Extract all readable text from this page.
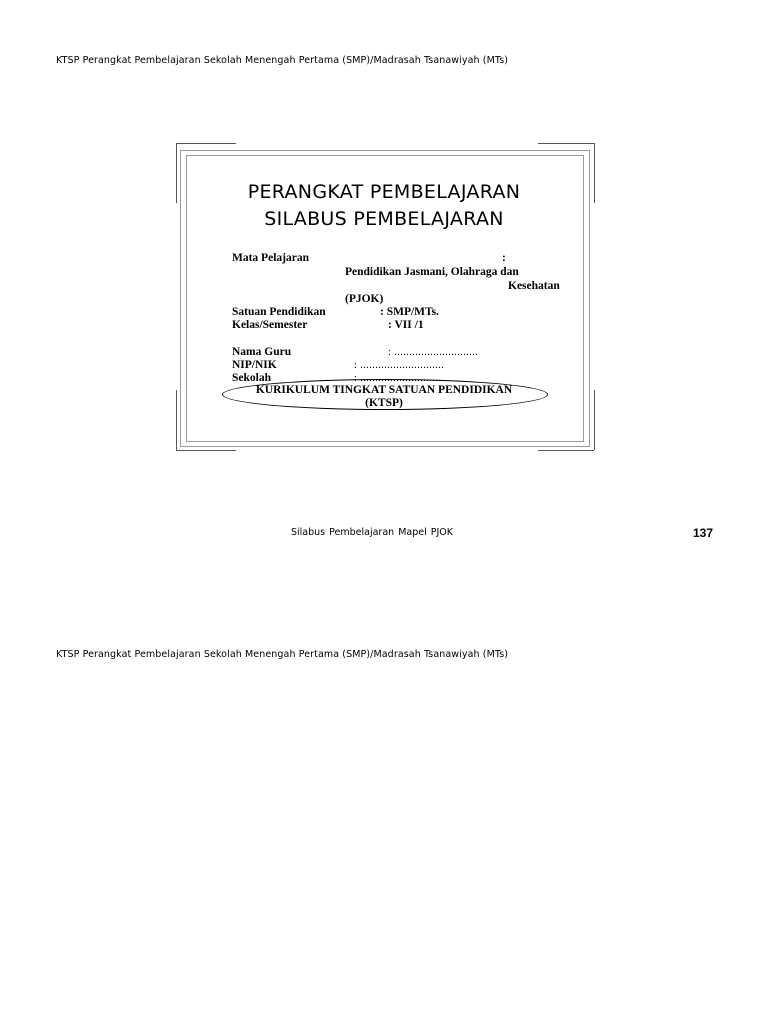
KTSP Perangkat Pembelajaran Sekolah Menengah Pertama (SMP)/Madrasah Tsanawiyah (MTs)
PERANGKAT PEMBELAJARAN
SILABUS PEMBELAJARAN
Mata Pelajaran	:
Pendidikan Jasmani, Olahraga dan
Kesehatan
(PJOK)
Satuan Pendidikan	: SMP/MTs.
Kelas/Semester	: VII /1
Nama Guru	: ............................
NIP/NIK	: ............................
Sekolah	: ............................
KURIKULUM TINGKAT SATUAN PENDIDIKAN
(KTSP)
Silabus Pembelajaran Mapel PJOK	137
KTSP Perangkat Pembelajaran Sekolah Menengah Pertama (SMP)/Madrasah Tsanawiyah (MTs)
